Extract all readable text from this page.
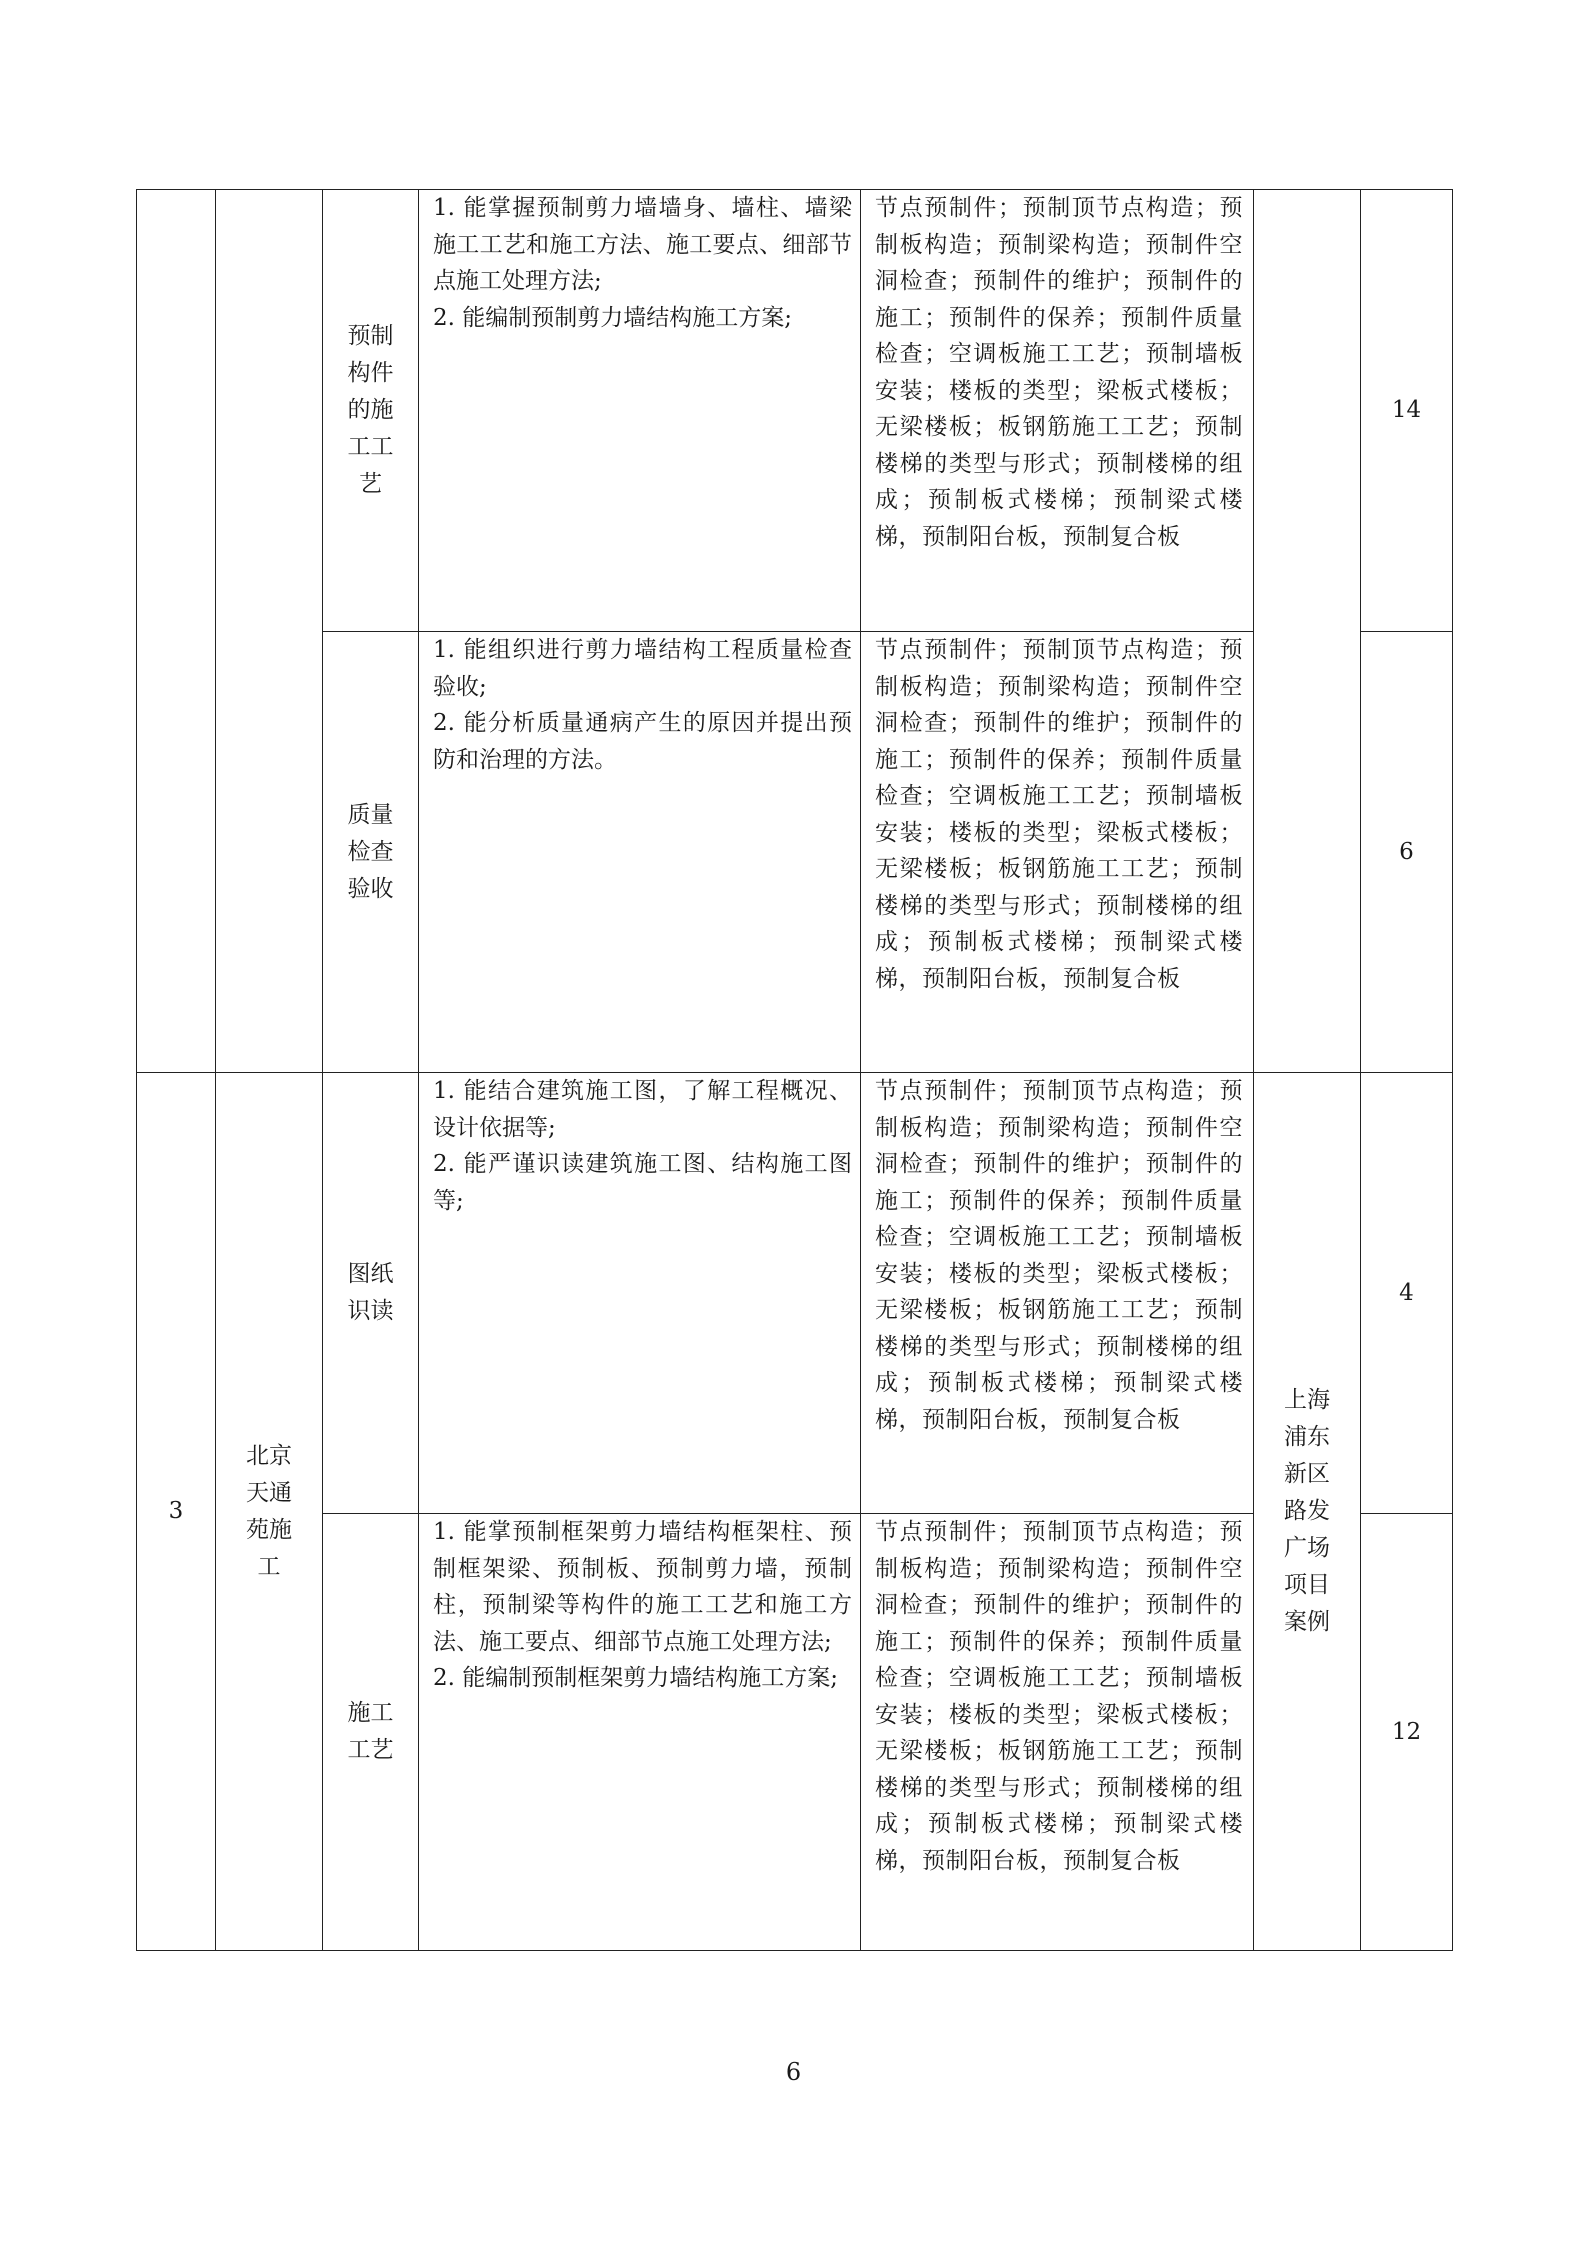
		预制构件的施工工艺	1. 能掌握预制剪力墙墙身、墙柱、墙梁施工工艺和施工方法、施工要点、细部节点施工处理方法;
2. 能编制预制剪力墙结构施工方案;	节点预制件；预制顶节点构造；预制板构造；预制梁构造；预制件空洞检查；预制件的维护；预制件的施工；预制件的保养；预制件质量检查；空调板施工工艺；预制墙板安装；楼板的类型；梁板式楼板；无梁楼板；板钢筋施工工艺；预制楼梯的类型与形式；预制楼梯的组成；预制板式楼梯；预制梁式楼梯，预制阳台板，预制复合板		14
		质量检查验收	1. 能组织进行剪力墙结构工程质量检查验收;
2. 能分析质量通病产生的原因并提出预防和治理的方法。	节点预制件；预制顶节点构造；预制板构造；预制梁构造；预制件空洞检查；预制件的维护；预制件的施工；预制件的保养；预制件质量检查；空调板施工工艺；预制墙板安装；楼板的类型；梁板式楼板；无梁楼板；板钢筋施工工艺；预制楼梯的类型与形式；预制楼梯的组成；预制板式楼梯；预制梁式楼梯，预制阳台板，预制复合板		6
3	北京天通苑施工	图纸识读	1. 能结合建筑施工图，了解工程概况、设计依据等;
2. 能严谨识读建筑施工图、结构施工图等;	节点预制件；预制顶节点构造；预制板构造；预制梁构造；预制件空洞检查；预制件的维护；预制件的施工；预制件的保养；预制件质量检查；空调板施工工艺；预制墙板安装；楼板的类型；梁板式楼板；无梁楼板；板钢筋施工工艺；预制楼梯的类型与形式；预制楼梯的组成；预制板式楼梯；预制梁式楼梯，预制阳台板，预制复合板	上海浦东新区路发广场项目案例	4
		施工工艺	1. 能掌预制框架剪力墙结构框架柱、预制框架梁、预制板、预制剪力墙，预制柱，预制梁等构件的施工工艺和施工方法、施工要点、细部节点施工处理方法;
2. 能编制预制框架剪力墙结构施工方案;	节点预制件；预制顶节点构造；预制板构造；预制梁构造；预制件空洞检查；预制件的维护；预制件的施工；预制件的保养；预制件质量检查；空调板施工工艺；预制墙板安装；楼板的类型；梁板式楼板；无梁楼板；板钢筋施工工艺；预制楼梯的类型与形式；预制楼梯的组成；预制板式楼梯；预制梁式楼梯，预制阳台板，预制复合板		12
6
